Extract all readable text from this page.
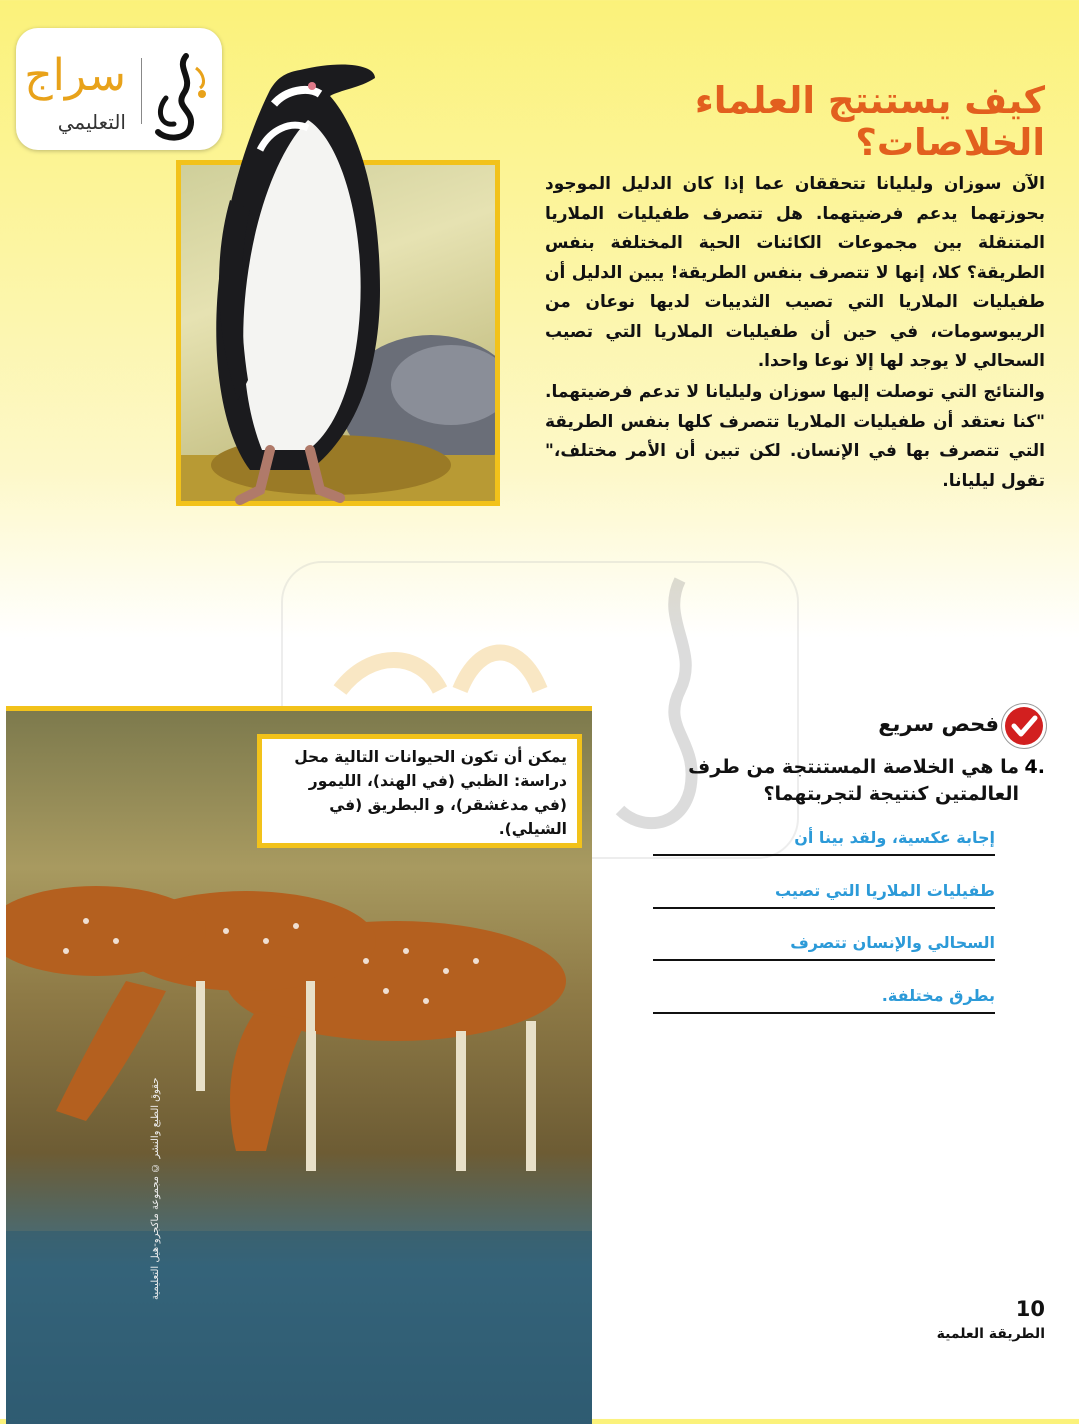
سراج
التعليمي	كيف يستنتج العلماء الخلاصات؟
الآن سوزان وليليانا تتحققان عما إذا كان الدليل الموجود بحوزتهما يدعم فرضيتهما. هل تتصرف طفيليات الملاريا المتنقلة بين مجموعات الكائنات الحية المختلفة بنفس الطريقة؟ كلا، إنها لا تتصرف بنفس الطريقة! يبين الدليل أن طفيليات الملاريا التي تصيب الثدييات لديها نوعان من الريبوسومات، في حين أن طفيليات الملاريا التي تصيب السحالي لا يوجد لها إلا نوعا واحدا.
والنتائج التي توصلت إليها سوزان وليليانا لا تدعم فرضيتهما. "كنا نعتقد أن طفيليات الملاريا تتصرف كلها بنفس الطريقة التي تتصرف بها في الإنسان. لكن تبين أن الأمر مختلف،" تقول ليليانا.
يمكن أن تكون الحيوانات التالية محل دراسة: الظبي (في الهند)، الليمور (في مدغشقر)، و البطريق (في الشيلي).
حقوق الطبع والنشر © مجموعة ماكجرو-هيل التعليمية
فحص سريع
4.
ما هي الخلاصة المستنتجة من طرف العالمتين كنتيجة لتجربتهما؟
إجابة عكسية، ولقد بينا أن
طفيليات الملاريا التي تصيب
السحالي والإنسان تتصرف
بطرق مختلفة.
10
الطريقة العلمية
